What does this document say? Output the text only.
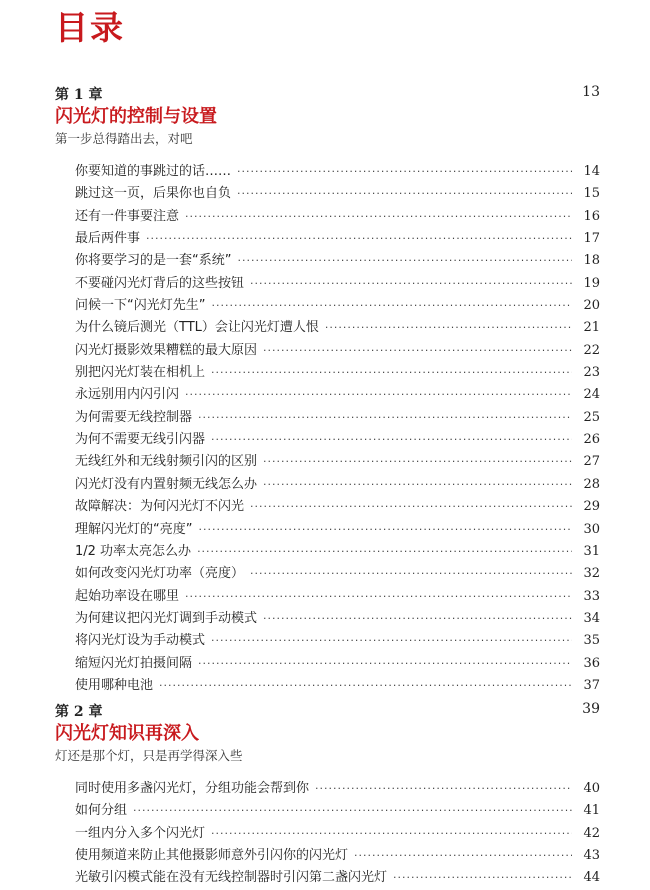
目录
第 1 章	13
闪光灯的控制与设置
第一步总得踏出去，对吧
你要知道的事跳过的话…… ·····	14
跳过这一页，后果你也自负 ·····	15
还有一件事要注意 ·····	16
最后两件事 ·····	17
你将要学习的是一套“系统” ·····	18
不要碰闪光灯背后的这些按钮 ·····	19
问候一下“闪光灯先生” ·····	20
为什么镜后测光（TTL）会让闪光灯遭人恨 ·····	21
闪光灯摄影效果糟糕的最大原因 ·····	22
别把闪光灯装在相机上 ·····	23
永远别用内闪引闪 ·····	24
为何需要无线控制器 ·····	25
为何不需要无线引闪器 ·····	26
无线红外和无线射频引闪的区别 ·····	27
闪光灯没有内置射频无线怎么办 ·····	28
故障解决：为何闪光灯不闪光 ·····	29
理解闪光灯的“亮度” ·····	30
1/2 功率太亮怎么办 ·····	31
如何改变闪光灯功率（亮度） ·····	32
起始功率设在哪里 ·····	33
为何建议把闪光灯调到手动模式 ·····	34
将闪光灯设为手动模式 ·····	35
缩短闪光灯拍摄间隔 ·····	36
使用哪种电池 ·····	37
第 2 章	39
闪光灯知识再深入
灯还是那个灯，只是再学得深入些
同时使用多盏闪光灯，分组功能会帮到你 ·····	40
如何分组 ·····	41
一组内分入多个闪光灯 ·····	42
使用频道来防止其他摄影师意外引闪你的闪光灯 ·····	43
光敏引闪模式能在没有无线控制器时引闪第二盏闪光灯 ·····	44
